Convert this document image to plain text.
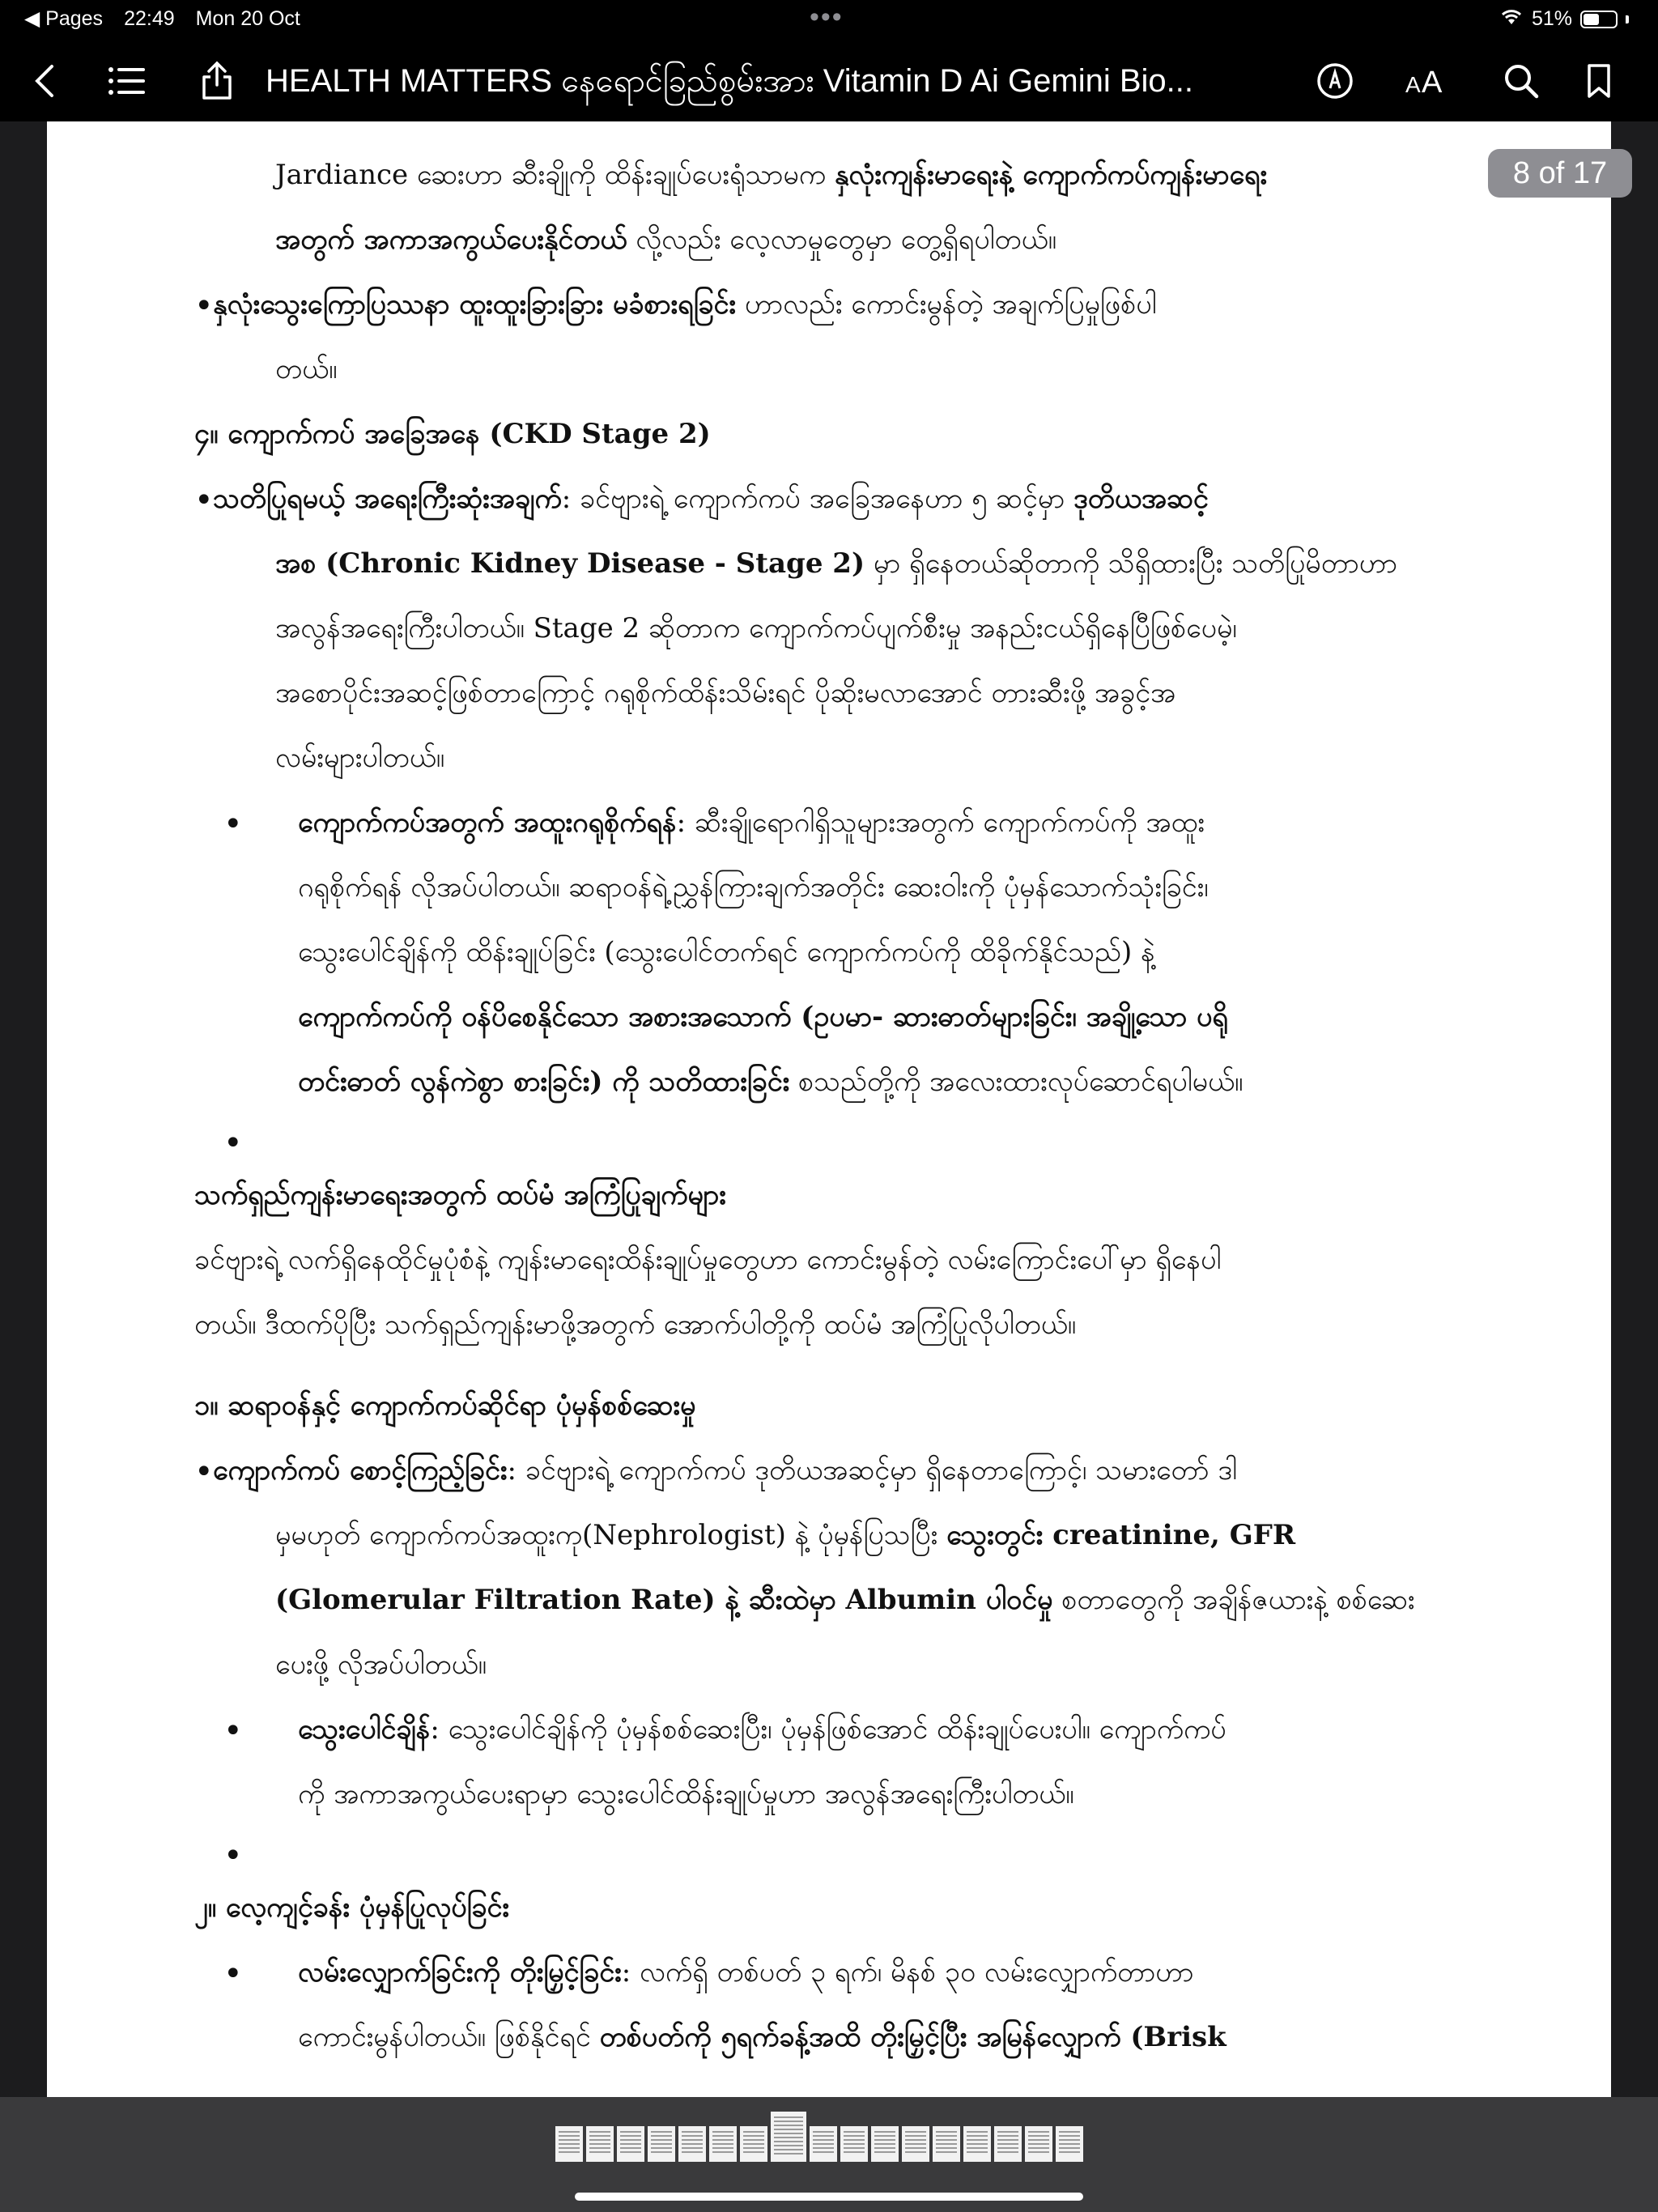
◀ Pages 22:49 Mon 20 Oct	•••	51%
HEALTH MATTERS နေရောင်ခြည်စွမ်းအား Vitamin D Ai Gemini Bio...	A A
Jardiance ဆေးဟာ ဆီးချိုကို ထိန်းချုပ်ပေးရုံသာမက နှလုံးကျန်းမာရေးနဲ့ ကျောက်ကပ်ကျန်းမာရေး
အတွက် အကာအကွယ်ပေးနိုင်တယ် လို့လည်း လေ့လာမှုတွေမှာ တွေ့ရှိရပါတယ်။
• နှလုံးသွေးကြောပြဿနာ ထူးထူးခြားခြား မခံစားရခြင်း ဟာလည်း ကောင်းမွန်တဲ့ အချက်ပြမှုဖြစ်ပါ
တယ်။
၄။ ကျောက်ကပ် အခြေအနေ (CKD Stage 2)
• သတိပြုရမယ့် အရေးကြီးဆုံးအချက်: ခင်ဗျားရဲ့ ကျောက်ကပ် အခြေအနေဟာ ၅ ဆင့်မှာ ဒုတိယအဆင့်
အစ (Chronic Kidney Disease - Stage 2) မှာ ရှိနေတယ်ဆိုတာကို သိရှိထားပြီး သတိပြုမိတာဟာ
အလွန်အရေးကြီးပါတယ်။ Stage 2 ဆိုတာက ကျောက်ကပ်ပျက်စီးမှု အနည်းငယ်ရှိနေပြီဖြစ်ပေမဲ့၊
အစောပိုင်းအဆင့်ဖြစ်တာကြောင့် ဂရုစိုက်ထိန်းသိမ်းရင် ပိုဆိုးမလာအောင် တားဆီးဖို့ အခွင့်အ
လမ်းများပါတယ်။
• ကျောက်ကပ်အတွက် အထူးဂရုစိုက်ရန်: ဆီးချိုရောဂါရှိသူများအတွက် ကျောက်ကပ်ကို အထူး
ဂရုစိုက်ရန် လိုအပ်ပါတယ်။ ဆရာဝန်ရဲ့ညွှန်ကြားချက်အတိုင်း ဆေးဝါးကို ပုံမှန်သောက်သုံးခြင်း၊
သွေးပေါင်ချိန်ကို ထိန်းချုပ်ခြင်း (သွေးပေါင်တက်ရင် ကျောက်ကပ်ကို ထိခိုက်နိုင်သည်) နဲ့
ကျောက်ကပ်ကို ဝန်ပိစေနိုင်သော အစားအသောက် (ဥပမာ- ဆားဓာတ်များခြင်း၊ အချို့သော ပရို
တင်းဓာတ် လွန်ကဲစွာ စားခြင်း) ကို သတိထားခြင်း စသည်တို့ကို အလေးထားလုပ်ဆောင်ရပါမယ်။
•
သက်ရှည်ကျန်းမာရေးအတွက် ထပ်မံ အကြံပြုချက်များ
ခင်ဗျားရဲ့ လက်ရှိနေထိုင်မှုပုံစံနဲ့ ကျန်းမာရေးထိန်းချုပ်မှုတွေဟာ ကောင်းမွန်တဲ့ လမ်းကြောင်းပေါ်မှာ ရှိနေပါ
တယ်။ ဒီထက်ပိုပြီး သက်ရှည်ကျန်းမာဖို့အတွက် အောက်ပါတို့ကို ထပ်မံ အကြံပြုလိုပါတယ်။
၁။ ဆရာဝန်နှင့် ကျောက်ကပ်ဆိုင်ရာ ပုံမှန်စစ်ဆေးမှု
• ကျောက်ကပ် စောင့်ကြည့်ခြင်း: ခင်ဗျားရဲ့ ကျောက်ကပ် ဒုတိယအဆင့်မှာ ရှိနေတာကြောင့်၊ သမားတော် ဒါ
မှမဟုတ် ကျောက်ကပ်အထူးကု(Nephrologist) နဲ့ ပုံမှန်ပြသပြီး သွေးတွင်း creatinine, GFR
(Glomerular Filtration Rate) နဲ့ ဆီးထဲမှာ Albumin ပါဝင်မှု စတာတွေကို အချိန်ဇယားနဲ့ စစ်ဆေး
ပေးဖို့ လိုအပ်ပါတယ်။
• သွေးပေါင်ချိန်: သွေးပေါင်ချိန်ကို ပုံမှန်စစ်ဆေးပြီး၊ ပုံမှန်ဖြစ်အောင် ထိန်းချုပ်ပေးပါ။ ကျောက်ကပ်
ကို အကာအကွယ်ပေးရာမှာ သွေးပေါင်ထိန်းချုပ်မှုဟာ အလွန်အရေးကြီးပါတယ်။
•
၂။ လေ့ကျင့်ခန်း ပုံမှန်ပြုလုပ်ခြင်း
• လမ်းလျှောက်ခြင်းကို တိုးမြှင့်ခြင်း: လက်ရှိ တစ်ပတ် ၃ ရက်၊ မိနစ် ၃၀ လမ်းလျှောက်တာဟာ
ကောင်းမွန်ပါတယ်။ ဖြစ်နိုင်ရင် တစ်ပတ်ကို ၅ရက်ခန့်အထိ တိုးမြှင့်ပြီး အမြန်လျှောက် (Brisk
8 of 17
